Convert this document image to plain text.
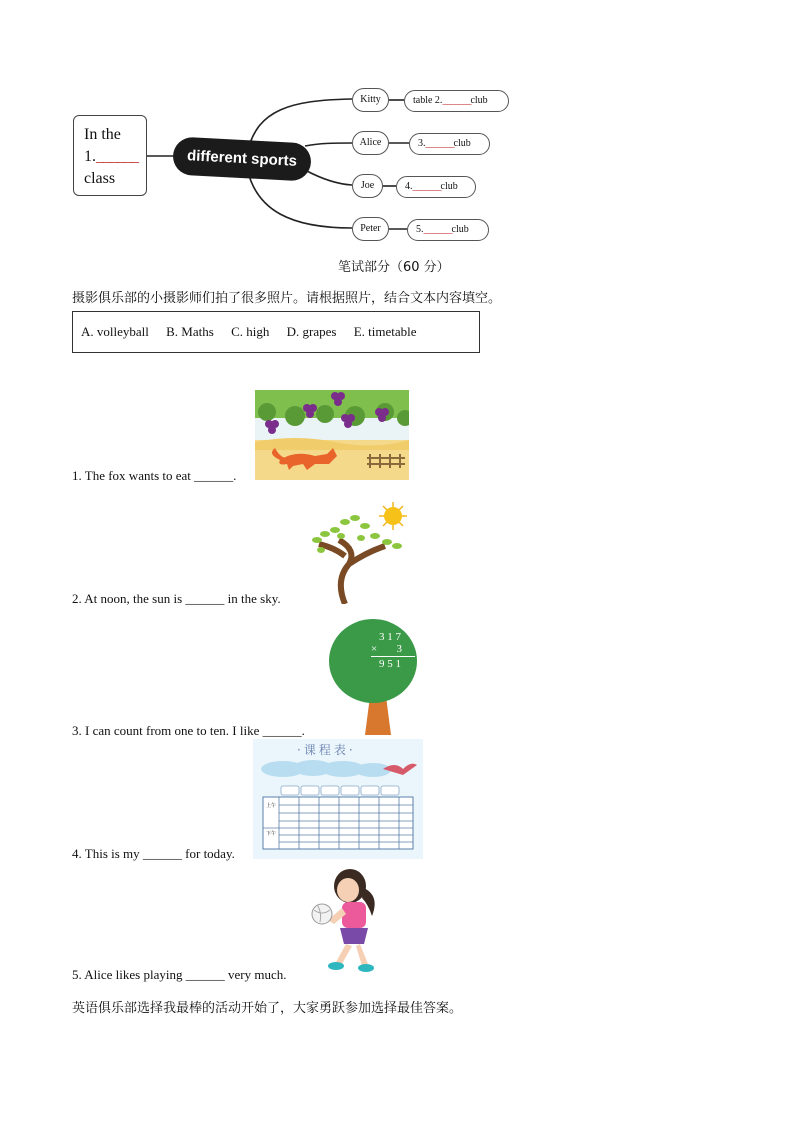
In the
1.______
class
different sports
Kitty	table 2._______club
Alice	3._______club
Joe	4._______club
Peter	5._______club
笔试部分（60 分）
摄影俱乐部的小摄影师们拍了很多照片。请根据照片，结合文本内容填空。
A. volleyball B. Maths C. high D. grapes E. timetable
1. The fox wants to eat ______.
2. At noon, the sun is ______ in the sky.
3 1 7
×       3
9 5 1
3. I can count from one to ten. I like ______.
·课程表·
上午
下午
4. This is my ______ for today.
5. Alice likes playing ______ very much.
英语俱乐部选择我最棒的活动开始了，大家勇跃参加选择最佳答案。
